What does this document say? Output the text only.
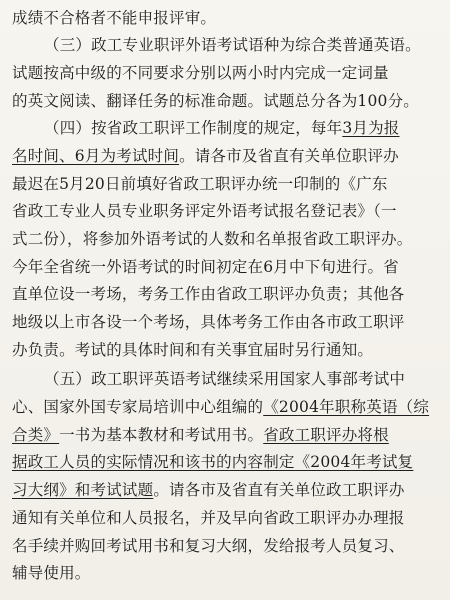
成绩不合格者不能申报评审。
（三）政工专业职评外语考试语种为综合类普通英语。
试题按高中级的不同要求分别以两小时内完成一定词量
的英文阅读、翻译任务的标准命题。试题总分各为100分。
（四）按省政工职评工作制度的规定，每年3月为报
名时间、6月为考试时间。请各市及省直有关单位职评办
最迟在5月20日前填好省政工职评办统一印制的《广东
省政工专业人员专业职务评定外语考试报名登记表》（一
式二份），将参加外语考试的人数和名单报省政工职评办。
今年全省统一外语考试的时间初定在6月中下旬进行。省
直单位设一考场，考务工作由省政工职评办负责；其他各
地级以上市各设一个考场，具体考务工作由各市政工职评
办负责。考试的具体时间和有关事宜届时另行通知。
（五）政工职评英语考试继续采用国家人事部考试中
心、国家外国专家局培训中心组编的《2004年职称英语（综
合类》一书为基本教材和考试用书。省政工职评办将根
据政工人员的实际情况和该书的内容制定《2004年考试复
习大纲》和考试试题。请各市及省直有关单位政工职评办
通知有关单位和人员报名，并及早向省政工职评办办理报
名手续并购回考试用书和复习大纲，发给报考人员复习、
辅导使用。
